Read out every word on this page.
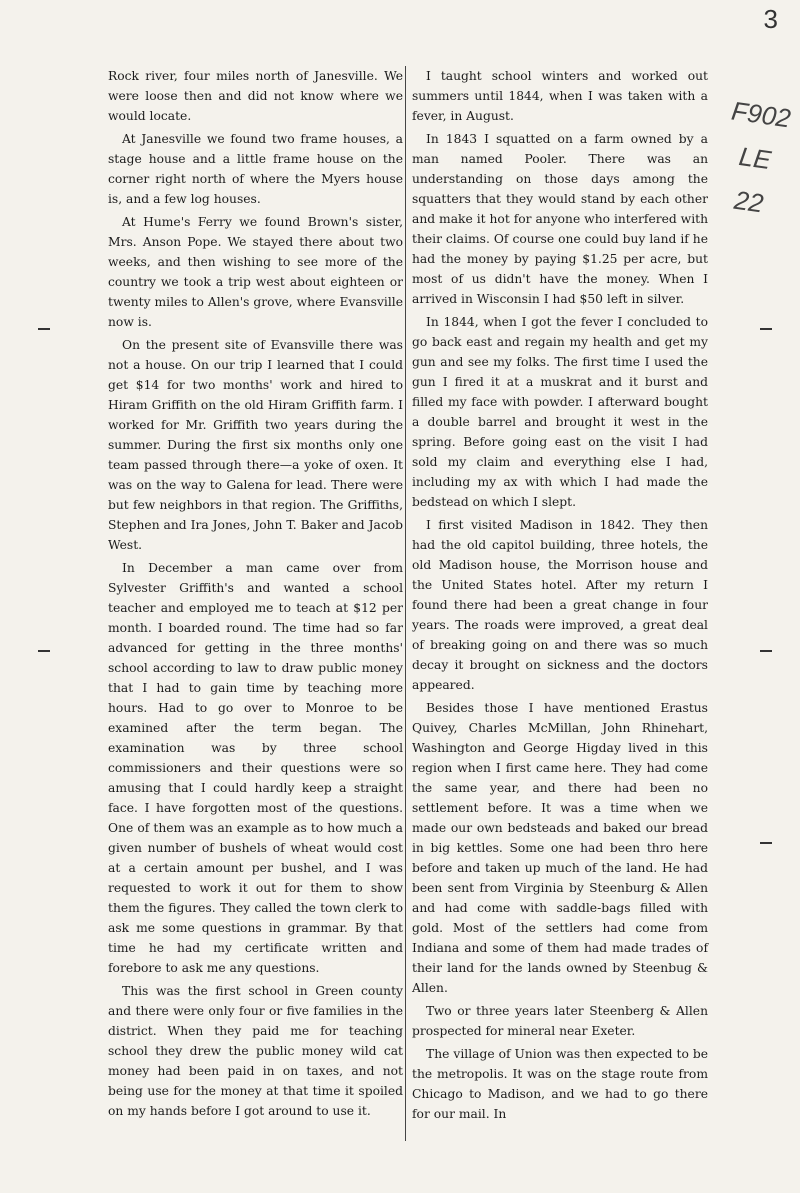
3
F902
LE
22

Rock river, four miles north of Janesville. We were loose then and did not know where we would locate.

At Janesville we found two frame houses, a stage house and a little frame house on the corner right north of where the Myers house is, and a few log houses.

At Hume's Ferry we found Brown's sister, Mrs. Anson Pope. We stayed there about two weeks, and then wishing to see more of the country we took a trip west about eighteen or twenty miles to Allen's grove, where Evansville now is.

On the present site of Evansville there was not a house. On our trip I learned that I could get $14 for two months' work and hired to Hiram Griffith on the old Hiram Griffith farm. I worked for Mr. Griffith two years during the summer. During the first six months only one team passed through there—a yoke of oxen. It was on the way to Galena for lead. There were but few neighbors in that region. The Griffiths, Stephen and Ira Jones, John T. Baker and Jacob West.

In December a man came over from Sylvester Griffith's and wanted a school teacher and employed me to teach at $12 per month. I boarded round. The time had so far advanced for getting in the three months' school according to law to draw public money that I had to gain time by teaching more hours. Had to go over to Monroe to be examined after the term began. The examination was by three school commissioners and their questions were so amusing that I could hardly keep a straight face. I have forgotten most of the questions. One of them was an example as to how much a given number of bushels of wheat would cost at a certain amount per bushel, and I was requested to work it out for them to show them the figures. They called the town clerk to ask me some questions in grammar. By that time he had my certificate written and forebore to ask me any questions.

This was the first school in Green county and there were only four or five families in the district. When they paid me for teaching school they drew the public money wild cat money had been paid in on taxes, and not being use for the money at that time it spoiled on my hands before I got around to use it.

I taught school winters and worked out summers until 1844, when I was taken with a fever, in August.

In 1843 I squatted on a farm owned by a man named Pooler. There was an understanding on those days among the squatters that they would stand by each other and make it hot for anyone who interfered with their claims. Of course one could buy land if he had the money by paying $1.25 per acre, but most of us didn't have the money. When I arrived in Wisconsin I had $50 left in silver.

In 1844, when I got the fever I concluded to go back east and regain my health and get my gun and see my folks. The first time I used the gun I fired it at a muskrat and it burst and filled my face with powder. I afterward bought a double barrel and brought it west in the spring. Before going east on the visit I had sold my claim and everything else I had, including my ax with which I had made the bedstead on which I slept.

I first visited Madison in 1842. They then had the old capitol building, three hotels, the old Madison house, the Morrison house and the United States hotel. After my return I found there had been a great change in four years. The roads were improved, a great deal of breaking going on and there was so much decay it brought on sickness and the doctors appeared.

Besides those I have mentioned Erastus Quivey, Charles McMillan, John Rhinehart, Washington and George Higday lived in this region when I first came here. They had come the same year, and there had been no settlement before. It was a time when we made our own bedsteads and baked our bread in big kettles. Some one had been thro here before and taken up much of the land. He had been sent from Virginia by Steenburg & Allen and had come with saddle-bags filled with gold. Most of the settlers had come from Indiana and some of them had made trades of their land for the lands owned by Steenbug & Allen.

Two or three years later Steenberg & Allen prospected for mineral near Exeter.

The village of Union was then expected to be the metropolis. It was on the stage route from Chicago to Madison, and we had to go there for our mail. In
